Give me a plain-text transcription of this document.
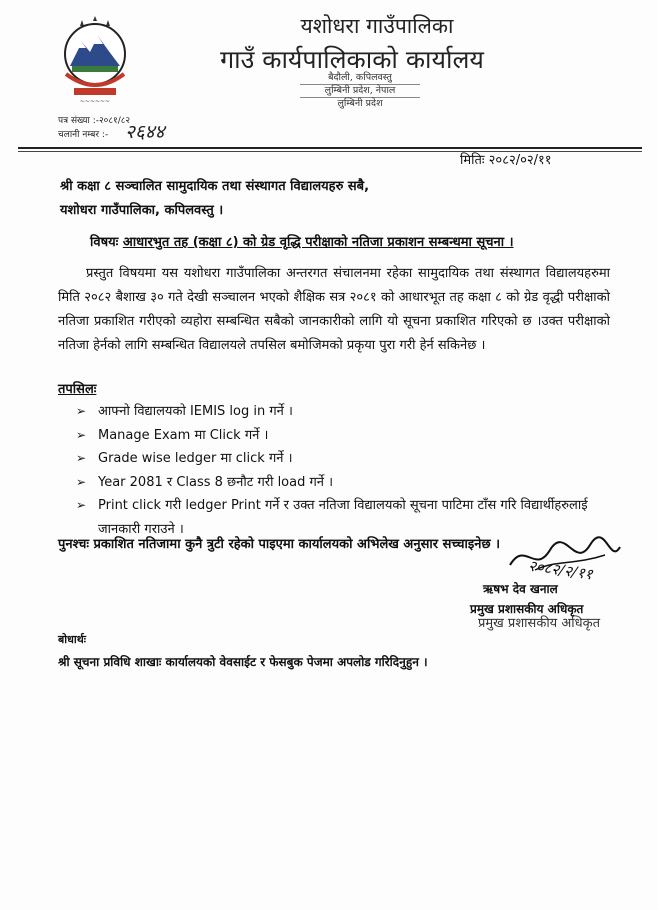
~~~~~~
यशोधरा गाउँपालिका
गाउँ कार्यपालिकाको कार्यालय
बैदौली, कपिलवस्तु
लुम्बिनी प्रदेश, नेपाल
लुम्बिनी प्रदेश
पत्र संख्या :-२०८१/८२
चलानी नम्बर :- २६४४
मितिः २०८२/०२/११
श्री कक्षा ८ सञ्चालित सामुदायिक तथा संस्थागत विद्यालयहरु सबै,
यशोधरा गाउँपालिका, कपिलवस्तु ।
विषयः आधारभुत तह (कक्षा ८) को ग्रेड वृद्धि परीक्षाको नतिजा प्रकाशन सम्बन्धमा सूचना ।
प्रस्तुत विषयमा यस यशोधरा गाउँपालिका अन्तरगत संचालनमा रहेका सामुदायिक तथा संस्थागत विद्यालयहरुमा मिति २०८२ बैशाख ३० गते देखी सञ्चालन भएको शैक्षिक सत्र २०८१ को आधारभूत तह कक्षा ८ को ग्रेड वृद्धी परीक्षाको नतिजा प्रकाशित गरीएको व्यहोरा सम्बन्धित सबैको जानकारीको लागि यो सूचना प्रकाशित गरिएको छ ।उक्त परीक्षाको नतिजा हेर्नको लागि सम्बन्धित विद्यालयले तपसिल बमोजिमको प्रकृया पुरा गरी हेर्न सकिनेछ ।
तपसिलः
➢ आफ्नो विद्यालयको IEMIS log in गर्ने ।
➢ Manage Exam मा Click गर्ने ।
➢ Grade wise ledger मा click गर्ने ।
➢ Year 2081 र Class 8 छनौट गरी load गर्ने ।
➢ Print click गरी ledger Print गर्ने र उक्त नतिजा विद्यालयको सूचना पाटिमा टाँस गरि विद्यार्थीहरुलाई जानकारी गराउने ।
पुनश्चः प्रकाशित नतिजामा कुनै त्रुटी रहेको पाइएमा कार्यालयको अभिलेख अनुसार सच्चाइनेछ ।
२०८२/२/११
ऋषभ देव खनाल
प्रमुख प्रशासकीय अधिकृत
प्रमुख प्रशासकीय अधिकृत
बोधार्थः
श्री सूचना प्रविधि शाखाः कार्यालयको वेवसाईट र फेसबुक पेजमा अपलोड गरिदिनुहुन ।
